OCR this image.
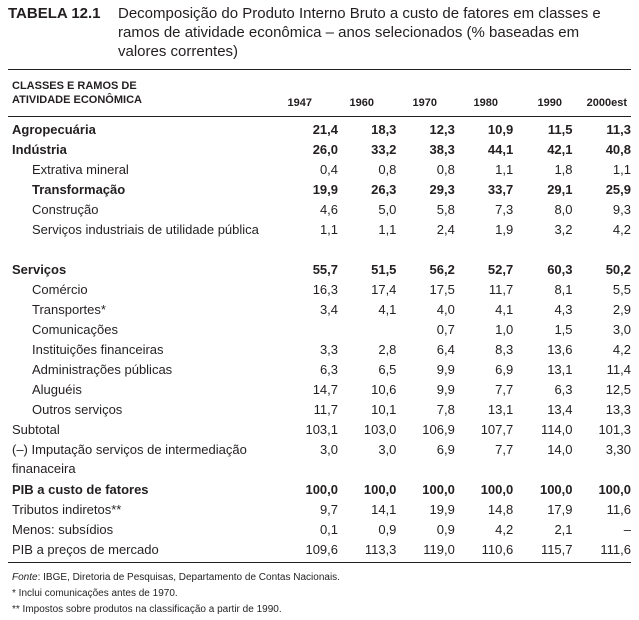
TABELA 12.1 Decomposição do Produto Interno Bruto a custo de fatores em classes e ramos de atividade econômica – anos selecionados (% baseadas em valores correntes)
CLASSES E RAMOS DE
ATIVIDADE ECONÔMICA	1947	1960	1970	1980	1990	2000est
Agropecuária	21,4	18,3	12,3	10,9	11,5	11,3
Indústria	26,0	33,2	38,3	44,1	42,1	40,8
Extrativa mineral	0,4	0,8	0,8	1,1	1,8	1,1
Transformação	19,9	26,3	29,3	33,7	29,1	25,9
Construção	4,6	5,0	5,8	7,3	8,0	9,3
Serviços industriais de utilidade pública	1,1	1,1	2,4	1,9	3,2	4,2
Serviços	55,7	51,5	56,2	52,7	60,3	50,2
Comércio	16,3	17,4	17,5	11,7	8,1	5,5
Transportes*	3,4	4,1	4,0	4,1	4,3	2,9
Comunicações			0,7	1,0	1,5	3,0
Instituições financeiras	3,3	2,8	6,4	8,3	13,6	4,2
Administrações públicas	6,3	6,5	9,9	6,9	13,1	11,4
Aluguéis	14,7	10,6	9,9	7,7	6,3	12,5
Outros serviços	11,7	10,1	7,8	13,1	13,4	13,3
Subtotal	103,1	103,0	106,9	107,7	114,0	101,3
(–) Imputação serviços de intermediação finanaceira	3,0	3,0	6,9	7,7	14,0	3,30
PIB a custo de fatores	100,0	100,0	100,0	100,0	100,0	100,0
Tributos indiretos**	9,7	14,1	19,9	14,8	17,9	11,6
Menos: subsídios	0,1	0,9	0,9	4,2	2,1	–
PIB a preços de mercado	109,6	113,3	119,0	110,6	115,7	111,6
Fonte: IBGE, Diretoria de Pesquisas, Departamento de Contas Nacionais.
* Inclui comunicações antes de 1970.
** Impostos sobre produtos na classificação a partir de 1990.
